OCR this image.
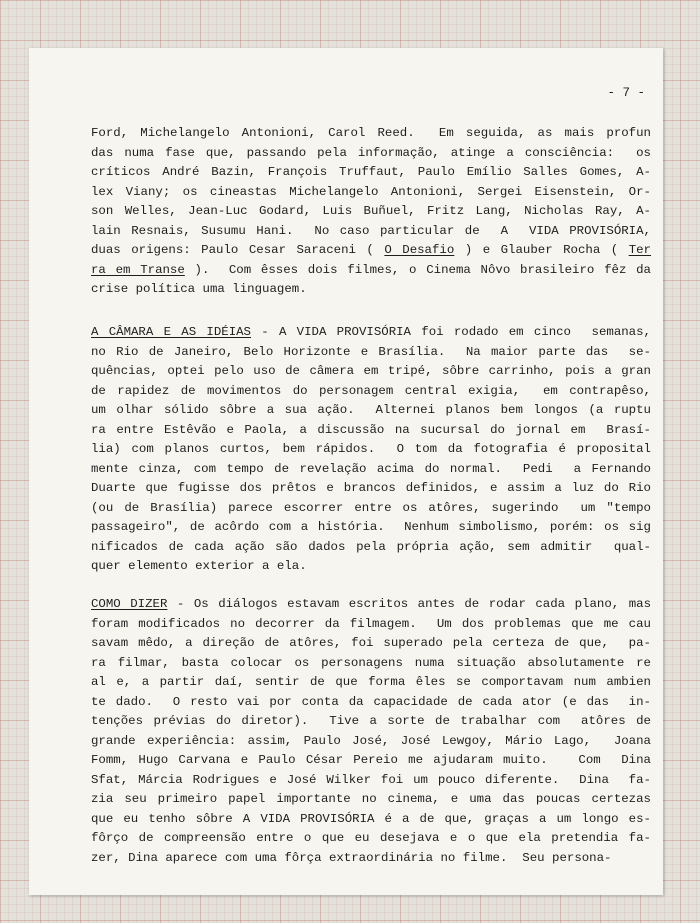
- 7 -
Ford, Michelangelo Antonioni, Carol Reed.  Em seguida, as mais profun
das numa fase que, passando pela informação, atinge a consciência:  os
críticos André Bazin, François Truffaut, Paulo Emílio Salles Gomes, A-
lex Viany; os cineastas Michelangelo Antonioni, Sergei Eisenstein, Or-
son Welles, Jean-Luc Godard, Luis Buñuel, Fritz Lang, Nicholas Ray, A-
lain Resnais, Susumu Hani.  No caso particular de  A  VIDA PROVISÓRIA,
duas origens: Paulo Cesar Saraceni ( O Desafio ) e Glauber Rocha ( Ter
ra em Transe ).  Com êsses dois filmes, o Cinema Nôvo brasileiro fêz da
crise política uma linguagem.
A CÂMARA E AS IDÉIAS - A VIDA PROVISÓRIA foi rodado em cinco  semanas,
no Rio de Janeiro, Belo Horizonte e Brasília.  Na maior parte das  se-
quências, optei pelo uso de câmera em tripé, sôbre carrinho, pois a gran
de rapidez de movimentos do personagem central exigia,  em contrapêso,
um olhar sólido sôbre a sua ação.  Alternei planos bem longos (a ruptu
ra entre Estêvão e Paola, a discussão na sucursal do jornal em  Brasí-
lia) com planos curtos, bem rápidos.  O tom da fotografia é proposital
mente cinza, com tempo de revelação acima do normal.  Pedi  a Fernando
Duarte que fugisse dos prêtos e brancos definidos, e assim a luz do Rio
(ou de Brasília) parece escorrer entre os atôres, sugerindo  um "tempo
passageiro", de acôrdo com a história.  Nenhum simbolismo, porém: os sig
nificados de cada ação são dados pela própria ação, sem admitir  qual-
quer elemento exterior a ela.
COMO DIZER - Os diálogos estavam escritos antes de rodar cada plano, mas
foram modificados no decorrer da filmagem.  Um dos problemas que me cau
savam mêdo, a direção de atôres, foi superado pela certeza de que,  pa-
ra filmar, basta colocar os personagens numa situação absolutamente re
al e, a partir daí, sentir de que forma êles se comportavam num ambien
te dado.  O resto vai por conta da capacidade de cada ator (e das  in-
tenções prévias do diretor).  Tive a sorte de trabalhar com  atôres de
grande experiência: assim, Paulo José, José Lewgoy, Mário Lago,  Joana
Fomm, Hugo Carvana e Paulo César Pereio me ajudaram muito.   Com  Dina
Sfat, Márcia Rodrigues e José Wilker foi um pouco diferente.  Dina  fa-
zia seu primeiro papel importante no cinema, e uma das poucas certezas
que eu tenho sôbre A VIDA PROVISÓRIA é a de que, graças a um longo es-
fôrço de compreensão entre o que eu desejava e o que ela pretendia fa-
zer, Dina aparece com uma fôrça extraordinária no filme.  Seu persona-
